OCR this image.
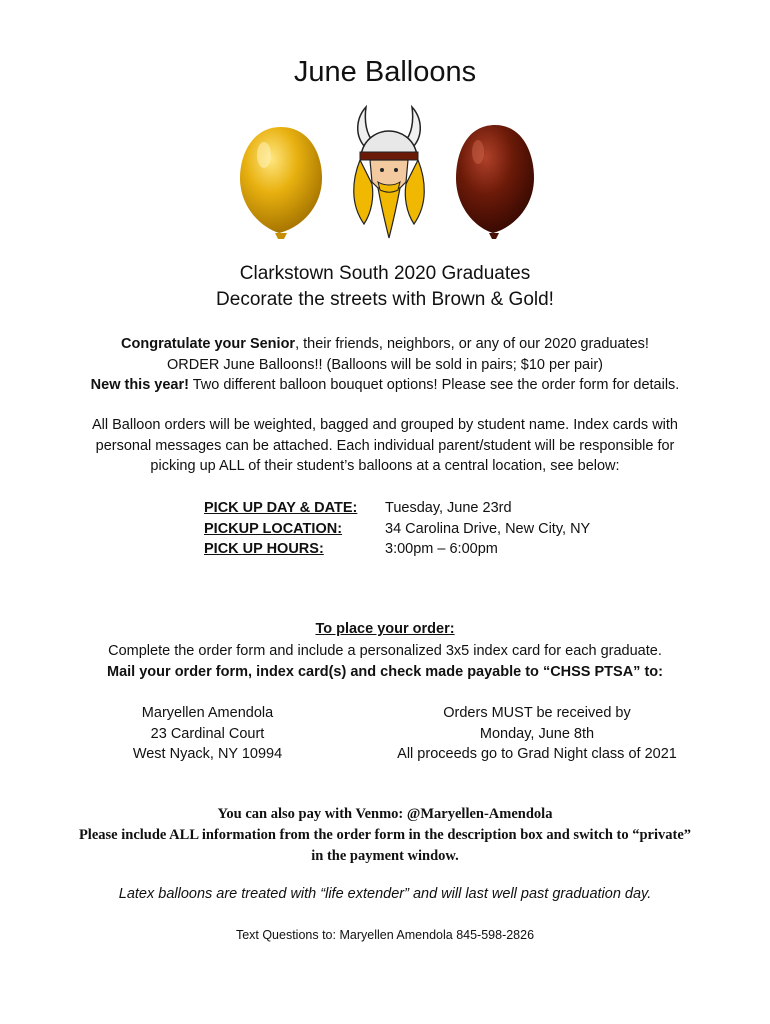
June Balloons
Clarkstown South 2020 Graduates
Decorate the streets with Brown & Gold!
Congratulate your Senior, their friends, neighbors, or any of our 2020 graduates!
ORDER June Balloons!! (Balloons will be sold in pairs; $10 per pair)
New this year! Two different balloon bouquet options! Please see the order form for details.
All Balloon orders will be weighted, bagged and grouped by student name. Index cards with
personal messages can be attached. Each individual parent/student will be responsible for
picking up ALL of their student’s balloons at a central location, see below:
PICK UP DAY & DATE:	Tuesday, June 23rd
PICKUP LOCATION:	34 Carolina Drive, New City, NY
PICK UP HOURS:	3:00pm – 6:00pm
To place your order:
Complete the order form and include a personalized 3x5 index card for each graduate.
Mail your order form, index card(s) and check made payable to “CHSS PTSA” to:
Maryellen Amendola
23 Cardinal Court
West Nyack, NY 10994
Orders MUST be received by
Monday, June 8th
All proceeds go to Grad Night class of 2021
You can also pay with Venmo: @Maryellen-Amendola
Please include ALL information from the order form in the description box and switch to “private”
in the payment window.
Latex balloons are treated with “life extender” and will last well past graduation day.
Text Questions to: Maryellen Amendola 845-598-2826
